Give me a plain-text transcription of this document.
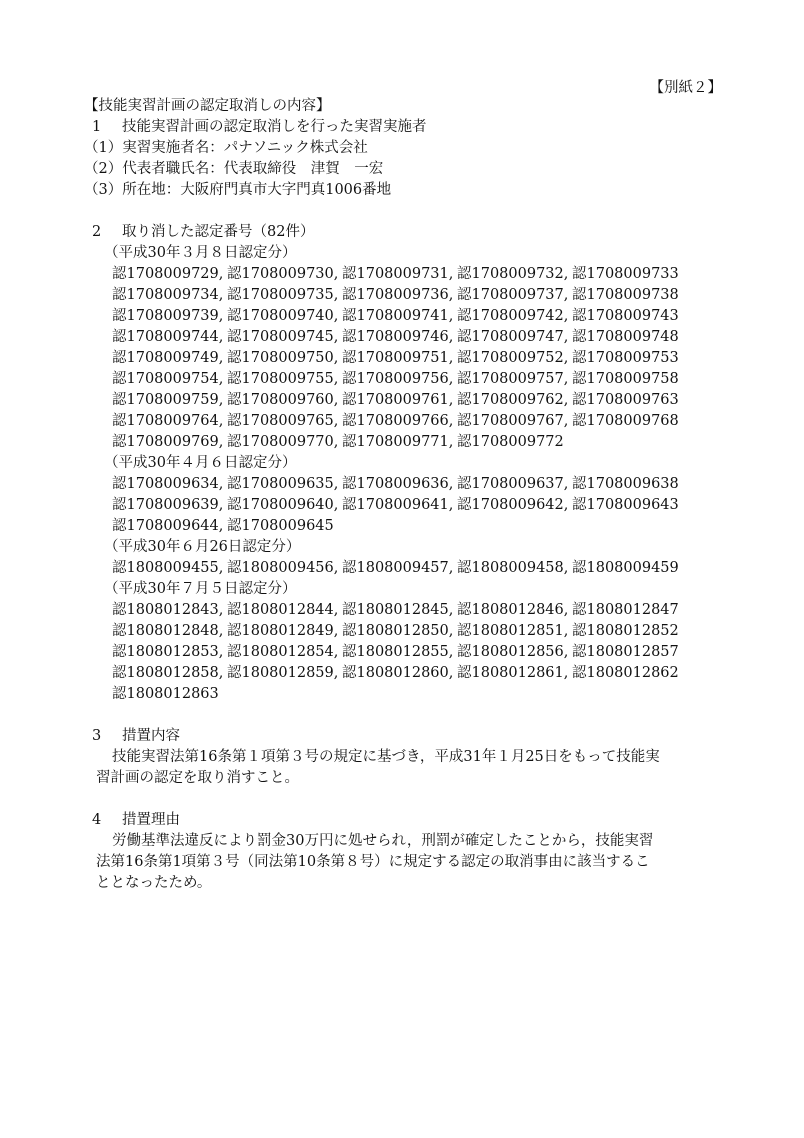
【別紙２】
【技能実習計画の認定取消しの内容】
1 技能実習計画の認定取消しを行った実習実施者
（1）実習実施者名：パナソニック株式会社
（2）代表者職氏名：代表取締役　津賀　一宏
（3）所在地：大阪府門真市大字門真1006番地
2 取り消した認定番号（82件）
（平成30年３月８日認定分）
認1708009729, 認1708009730, 認1708009731, 認1708009732, 認1708009733
認1708009734, 認1708009735, 認1708009736, 認1708009737, 認1708009738
認1708009739, 認1708009740, 認1708009741, 認1708009742, 認1708009743
認1708009744, 認1708009745, 認1708009746, 認1708009747, 認1708009748
認1708009749, 認1708009750, 認1708009751, 認1708009752, 認1708009753
認1708009754, 認1708009755, 認1708009756, 認1708009757, 認1708009758
認1708009759, 認1708009760, 認1708009761, 認1708009762, 認1708009763
認1708009764, 認1708009765, 認1708009766, 認1708009767, 認1708009768
認1708009769, 認1708009770, 認1708009771, 認1708009772
（平成30年４月６日認定分）
認1708009634, 認1708009635, 認1708009636, 認1708009637, 認1708009638
認1708009639, 認1708009640, 認1708009641, 認1708009642, 認1708009643
認1708009644, 認1708009645
（平成30年６月26日認定分）
認1808009455, 認1808009456, 認1808009457, 認1808009458, 認1808009459
（平成30年７月５日認定分）
認1808012843, 認1808012844, 認1808012845, 認1808012846, 認1808012847
認1808012848, 認1808012849, 認1808012850, 認1808012851, 認1808012852
認1808012853, 認1808012854, 認1808012855, 認1808012856, 認1808012857
認1808012858, 認1808012859, 認1808012860, 認1808012861, 認1808012862
認1808012863
3 措置内容
技能実習法第16条第１項第３号の規定に基づき，平成31年１月25日をもって技能実
習計画の認定を取り消すこと。
4 措置理由
労働基準法違反により罰金30万円に処せられ，刑罰が確定したことから，技能実習
法第16条第1項第３号（同法第10条第８号）に規定する認定の取消事由に該当するこ
ととなったため。
